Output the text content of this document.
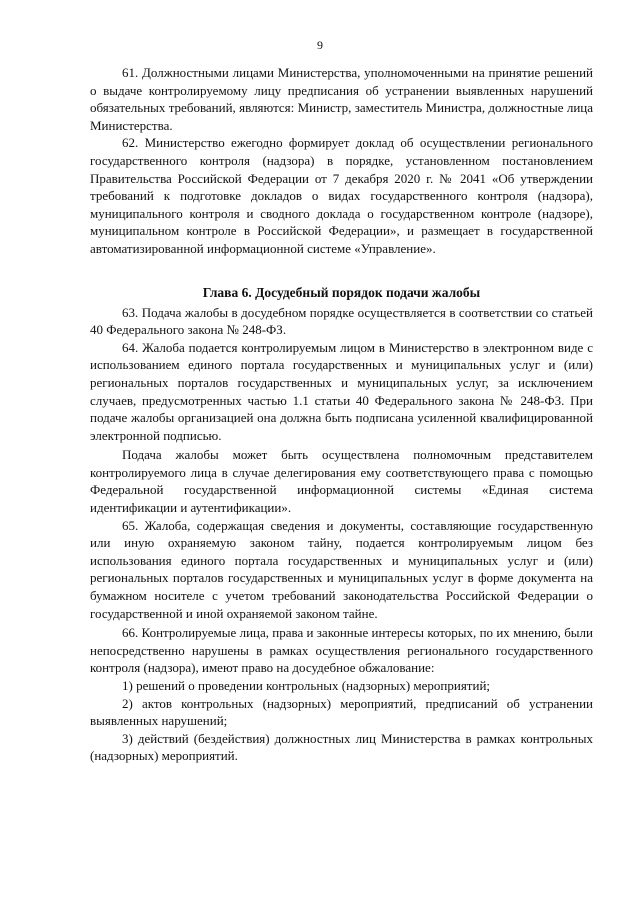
9

61. Должностными лицами Министерства, уполномоченными на принятие решений о выдаче контролируемому лицу предписания об устранении выявленных нарушений обязательных требований, являются: Министр, заместитель Министра, должностные лица Министерства.

62. Министерство ежегодно формирует доклад об осуществлении регионального государственного контроля (надзора) в порядке, установленном постановлением Правительства Российской Федерации от 7 декабря 2020 г. № 2041 «Об утверждении требований к подготовке докладов о видах государственного контроля (надзора), муниципального контроля и сводного доклада о государственном контроле (надзоре), муниципальном контроле в Российской Федерации», и размещает в государственной автоматизированной информационной системе «Управление».

Глава 6. Досудебный порядок подачи жалобы

63. Подача жалобы в досудебном порядке осуществляется в соответствии со статьей 40 Федерального закона № 248-ФЗ.

64. Жалоба подается контролируемым лицом в Министерство в электронном виде с использованием единого портала государственных и муниципальных услуг и (или) региональных порталов государственных и муниципальных услуг, за исключением случаев, предусмотренных частью 1.1 статьи 40 Федерального закона № 248-ФЗ. При подаче жалобы организацией она должна быть подписана усиленной квалифицированной электронной подписью.

Подача жалобы может быть осуществлена полномочным представителем контролируемого лица в случае делегирования ему соответствующего права с помощью Федеральной государственной информационной системы «Единая система идентификации и аутентификации».

65. Жалоба, содержащая сведения и документы, составляющие государственную или иную охраняемую законом тайну, подается контролируемым лицом без использования единого портала государственных и муниципальных услуг и (или) региональных порталов государственных и муниципальных услуг в форме документа на бумажном носителе с учетом требований законодательства Российской Федерации о государственной и иной охраняемой законом тайне.

66. Контролируемые лица, права и законные интересы которых, по их мнению, были непосредственно нарушены в рамках осуществления регионального государственного контроля (надзора), имеют право на досудебное обжалование:

1) решений о проведении контрольных (надзорных) мероприятий;

2) актов контрольных (надзорных) мероприятий, предписаний об устранении выявленных нарушений;

3) действий (бездействия) должностных лиц Министерства в рамках контрольных (надзорных) мероприятий.
